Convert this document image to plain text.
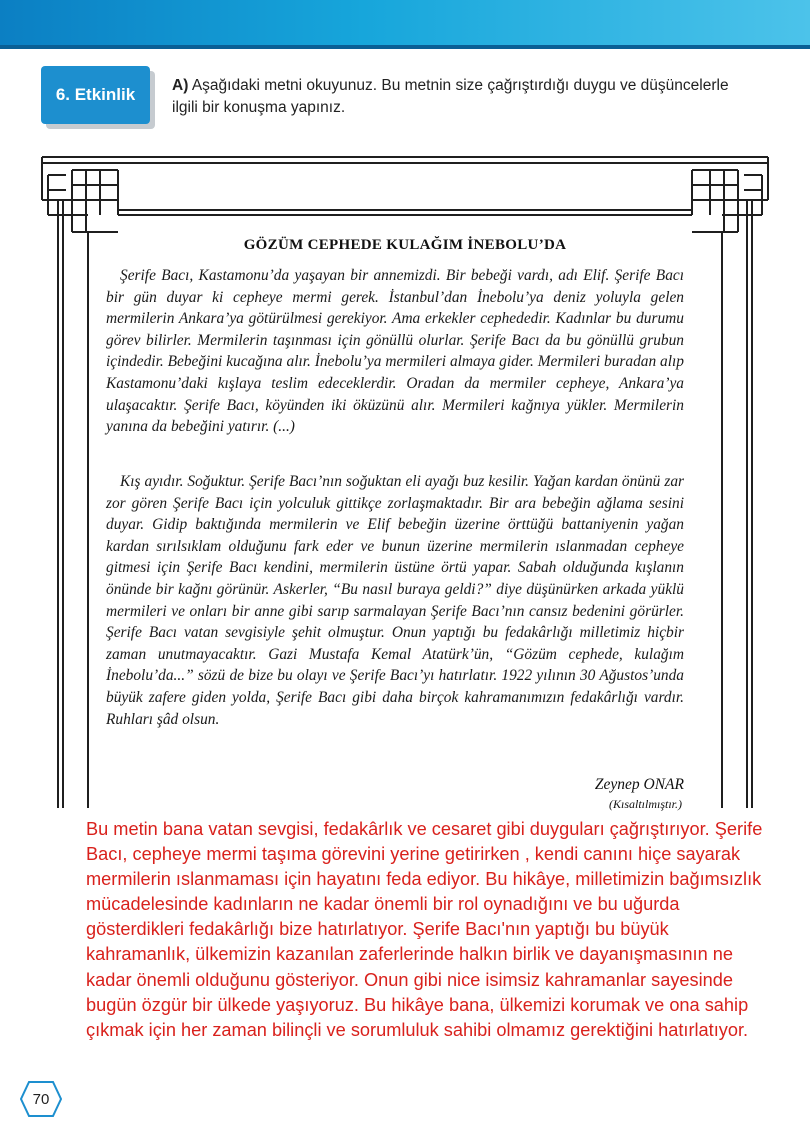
6. Etkinlik	A) Aşağıdaki metni okuyunuz. Bu metnin size çağrıştırdığı duygu ve düşüncelerle ilgili bir konuşma yapınız.
GÖZÜM CEPHEDE KULAĞIM İNEBOLU’DA

Şerife Bacı, Kastamonu’da yaşayan bir annemizdi. Bir bebeği vardı, adı Elif. Şerife Bacı bir gün duyar ki cepheye mermi gerek. İstanbul’dan İnebolu’ya deniz yoluyla gelen mermilerin Ankara’ya götürülmesi gerekiyor. Ama erkekler cephededir. Kadınlar bu durumu görev bilirler. Mermilerin taşınması için gönüllü olurlar. Şerife Bacı da bu gönüllü grubun içindedir. Bebeğini kucağına alır. İnebolu’ya mermileri almaya gider. Mermileri buradan alıp Kastamonu’daki kışlaya teslim edeceklerdir. Oradan da mermiler cepheye, Ankara’ya ulaşacaktır. Şerife Bacı, köyünden iki öküzünü alır. Mermileri kağnıya yükler. Mermilerin yanına da bebeğini yatırır. (...)

Kış ayıdır. Soğuktur. Şerife Bacı’nın soğuktan eli ayağı buz kesilir. Yağan kardan önünü zar zor gören Şerife Bacı için yolculuk gittikçe zorlaşmaktadır. Bir ara bebeğin ağlama sesini duyar. Gidip baktığında mermilerin ve Elif bebeğin üzerine örttüğü battaniyenin yağan kardan sırılsıklam olduğunu fark eder ve bunun üzerine mermilerin ıslanmadan cepheye gitmesi için Şerife Bacı kendini, mermilerin üstüne örtü yapar. Sabah olduğunda kışlanın önünde bir kağnı görünür. Askerler, “Bu nasıl buraya geldi?” diye düşünürken arkada yüklü mermileri ve onları bir anne gibi sarıp sarmalayan Şerife Bacı’nın cansız bedenini görürler. Şerife Bacı vatan sevgisiyle şehit olmuştur. Onun yaptığı bu fedakârlığı milletimiz hiçbir zaman unutmayacaktır. Gazi Mustafa Kemal Atatürk’ün, “Gözüm cephede, kulağım İnebolu’da...” sözü de bize bu olayı ve Şerife Bacı’yı hatırlatır. 1922 yılının 30 Ağustos’unda büyük zafere giden yolda, Şerife Bacı gibi daha birçok kahramanımızın fedakârlığı vardır. Ruhları şâd olsun.

Zeynep ONAR
(Kısaltılmıştır.)

Bu metin bana vatan sevgisi, fedakârlık ve cesaret gibi duyguları çağrıştırıyor. Şerife Bacı, cepheye mermi taşıma görevini yerine getirirken , kendi canını hiçe sayarak mermilerin ıslanmaması için hayatını feda ediyor. Bu hikâye, milletimizin bağımsızlık mücadelesinde kadınların ne kadar önemli bir rol oynadığını ve bu uğurda gösterdikleri fedakârlığı bize hatırlatıyor. Şerife Bacı'nın yaptığı bu büyük kahramanlık, ülkemizin kazanılan zaferlerinde halkın birlik ve dayanışmasının ne kadar önemli olduğunu gösteriyor. Onun gibi nice isimsiz kahramanlar sayesinde bugün özgür bir ülkede yaşıyoruz. Bu hikâye bana, ülkemizi korumak ve ona sahip çıkmak için her zaman bilinçli ve sorumluluk sahibi olmamız gerektiğini hatırlatıyor.

70
